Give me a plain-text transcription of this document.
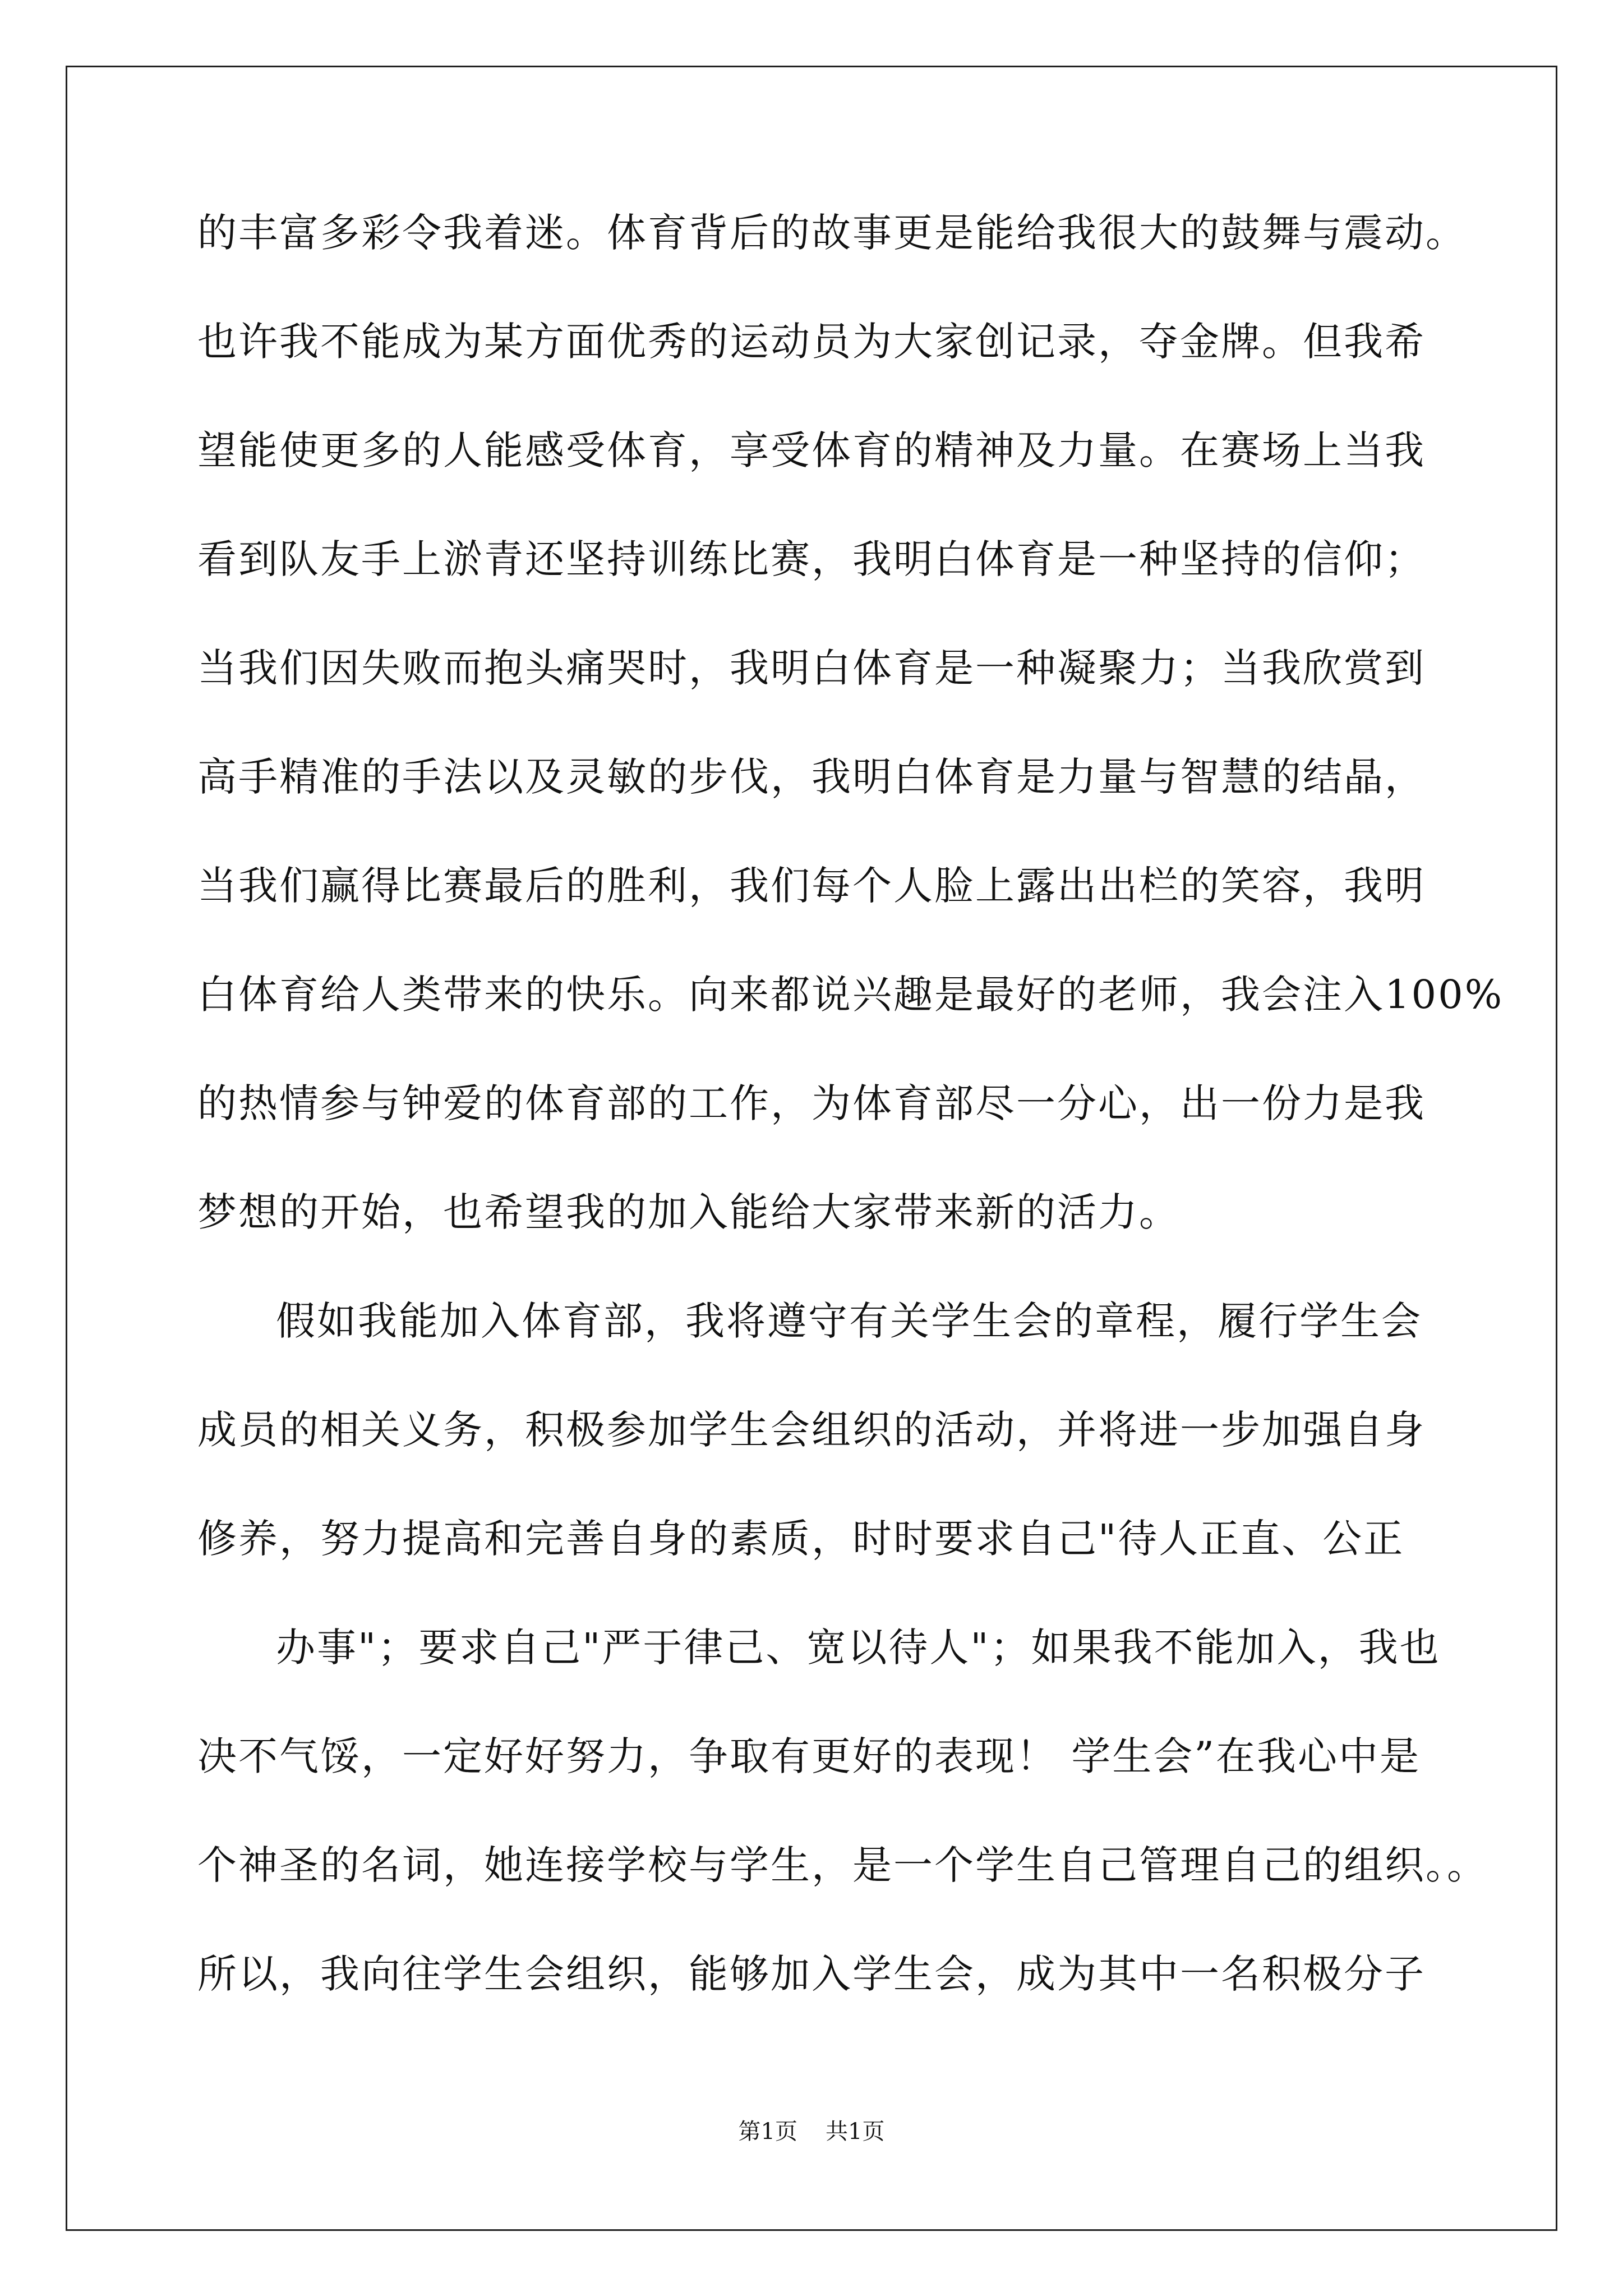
的丰富多彩令我着迷。体育背后的故事更是能给我很大的鼓舞与震动。
也许我不能成为某方面优秀的运动员为大家创记录，夺金牌。但我希
望能使更多的人能感受体育，享受体育的精神及力量。在赛场上当我
看到队友手上淤青还坚持训练比赛，我明白体育是一种坚持的信仰；
当我们因失败而抱头痛哭时，我明白体育是一种凝聚力；当我欣赏到
高手精准的手法以及灵敏的步伐，我明白体育是力量与智慧的结晶，
当我们赢得比赛最后的胜利，我们每个人脸上露出出栏的笑容，我明
白体育给人类带来的快乐。向来都说兴趣是最好的老师，我会注入100%
的热情参与钟爱的体育部的工作，为体育部尽一分心，出一份力是我
梦想的开始，也希望我的加入能给大家带来新的活力。
假如我能加入体育部，我将遵守有关学生会的章程，履行学生会
成员的相关义务，积极参加学生会组织的活动，并将进一步加强自身
修养，努力提高和完善自身的素质，时时要求自己"待人正直、公正
办事"；要求自己"严于律己、宽以待人"；如果我不能加入，我也
决不气馁，一定好好努力，争取有更好的表现！ 学生会”在我心中是
个神圣的名词，她连接学校与学生，是一个学生自己管理自己的组织。。
所以，我向往学生会组织，能够加入学生会，成为其中一名积极分子
第1页 共1页
